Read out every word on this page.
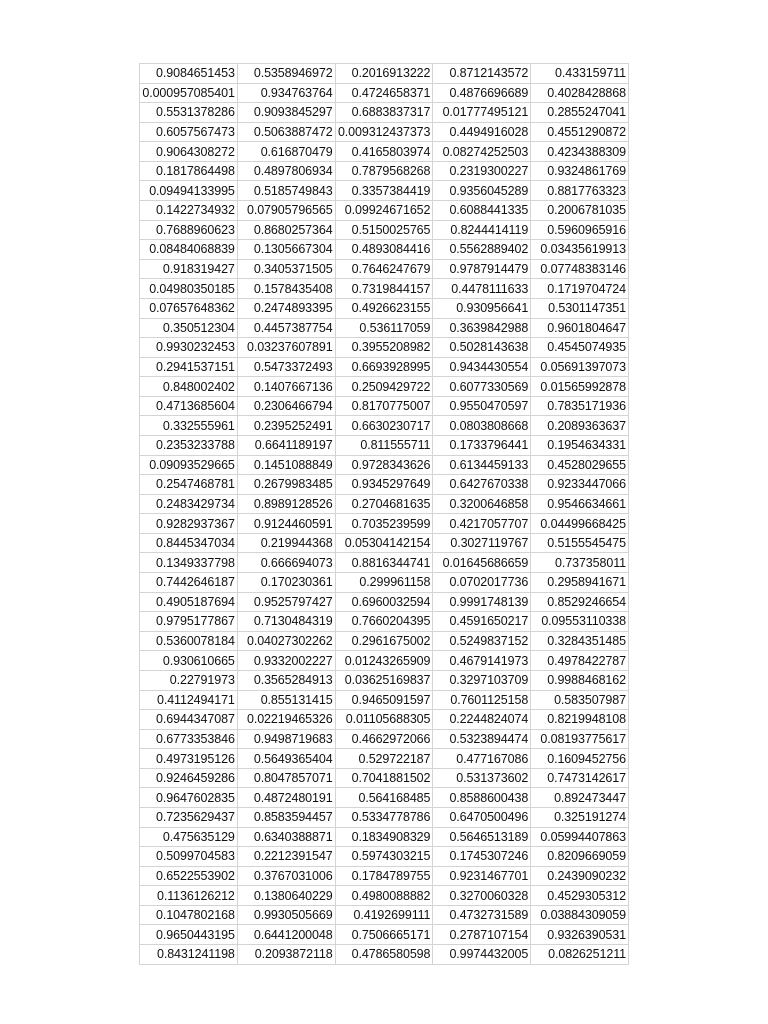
0.9084651453	0.5358946972	0.2016913222	0.8712143572	0.433159711
0.000957085401	0.934763764	0.4724658371	0.4876696689	0.4028428868
0.5531378286	0.9093845297	0.6883837317	0.01777495121	0.2855247041
0.6057567473	0.5063887472	0.009312437373	0.4494916028	0.4551290872
0.9064308272	0.616870479	0.4165803974	0.08274252503	0.4234388309
0.1817864498	0.4897806934	0.7879568268	0.2319300227	0.9324861769
0.09494133995	0.5185749843	0.3357384419	0.9356045289	0.8817763323
0.1422734932	0.07905796565	0.09924671652	0.6088441335	0.2006781035
0.7688960623	0.8680257364	0.5150025765	0.8244414119	0.5960965916
0.08484068839	0.1305667304	0.4893084416	0.5562889402	0.03435619913
0.918319427	0.3405371505	0.7646247679	0.9787914479	0.07748383146
0.04980350185	0.1578435408	0.7319844157	0.4478111633	0.1719704724
0.07657648362	0.2474893395	0.4926623155	0.930956641	0.5301147351
0.350512304	0.4457387754	0.536117059	0.3639842988	0.9601804647
0.9930232453	0.03237607891	0.3955208982	0.5028143638	0.4545074935
0.2941537151	0.5473372493	0.6693928995	0.9434430554	0.05691397073
0.848002402	0.1407667136	0.2509429722	0.6077330569	0.01565992878
0.4713685604	0.2306466794	0.8170775007	0.9550470597	0.7835171936
0.332555961	0.2395252491	0.6630230717	0.0803808668	0.2089363637
0.2353233788	0.6641189197	0.811555711	0.1733796441	0.1954634331
0.09093529665	0.1451088849	0.9728343626	0.6134459133	0.4528029655
0.2547468781	0.2679983485	0.9345297649	0.6427670338	0.9233447066
0.2483429734	0.8989128526	0.2704681635	0.3200646858	0.9546634661
0.9282937367	0.9124460591	0.7035239599	0.4217057707	0.04499668425
0.8445347034	0.219944368	0.05304142154	0.3027119767	0.5155545475
0.1349337798	0.666694073	0.8816344741	0.01645686659	0.737358011
0.7442646187	0.170230361	0.299961158	0.0702017736	0.2958941671
0.4905187694	0.9525797427	0.6960032594	0.9991748139	0.8529246654
0.9795177867	0.7130484319	0.7660204395	0.4591650217	0.09553110338
0.5360078184	0.04027302262	0.2961675002	0.5249837152	0.3284351485
0.930610665	0.9332002227	0.01243265909	0.4679141973	0.4978422787
0.22791973	0.3565284913	0.03625169837	0.3297103709	0.9988468162
0.4112494171	0.855131415	0.9465091597	0.7601125158	0.583507987
0.6944347087	0.02219465326	0.01105688305	0.2244824074	0.8219948108
0.6773353846	0.9498719683	0.4662972066	0.5323894474	0.08193775617
0.4973195126	0.5649365404	0.529722187	0.477167086	0.1609452756
0.9246459286	0.8047857071	0.7041881502	0.531373602	0.7473142617
0.9647602835	0.4872480191	0.564168485	0.8588600438	0.892473447
0.7235629437	0.8583594457	0.5334778786	0.6470500496	0.325191274
0.475635129	0.6340388871	0.1834908329	0.5646513189	0.05994407863
0.5099704583	0.2212391547	0.5974303215	0.1745307246	0.8209669059
0.6522553902	0.3767031006	0.1784789755	0.9231467701	0.2439090232
0.1136126212	0.1380640229	0.4980088882	0.3270060328	0.4529305312
0.1047802168	0.9930505669	0.4192699111	0.4732731589	0.03884309059
0.9650443195	0.6441200048	0.7506665171	0.2787107154	0.9326390531
0.8431241198	0.2093872118	0.4786580598	0.9974432005	0.0826251211
